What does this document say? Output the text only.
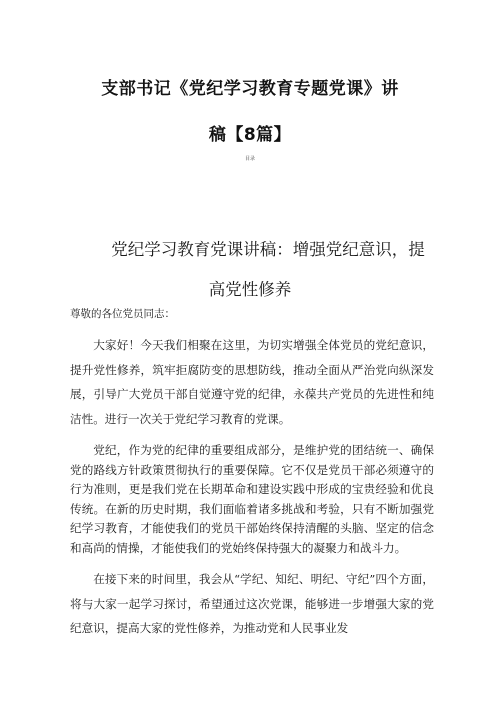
支部书记《党纪学习教育专题党课》讲
稿【8篇】
目录
党纪学习教育党课讲稿：增强党纪意识，提
高党性修养

尊敬的各位党员同志：

大家好！今天我们相聚在这里，为切实增强全体党员的党纪意识，提升党性修养，筑牢拒腐防变的思想防线，推动全面从严治党向纵深发展，引导广大党员干部自觉遵守党的纪律，永葆共产党员的先进性和纯洁性。进行一次关于党纪学习教育的党课。

党纪，作为党的纪律的重要组成部分，是维护党的团结统一、确保党的路线方针政策贯彻执行的重要保障。它不仅是党员干部必须遵守的行为准则，更是我们党在长期革命和建设实践中形成的宝贵经验和优良传统。在新的历史时期，我们面临着诸多挑战和考验，只有不断加强党纪学习教育，才能使我们的党员干部始终保持清醒的头脑、坚定的信念和高尚的情操，才能使我们的党始终保持强大的凝聚力和战斗力。

在接下来的时间里，我会从“学纪、知纪、明纪、守纪”四个方面，将与大家一起学习探讨，希望通过这次党课，能够进一步增强大家的党纪意识，提高大家的党性修养，为推动党和人民事业发
